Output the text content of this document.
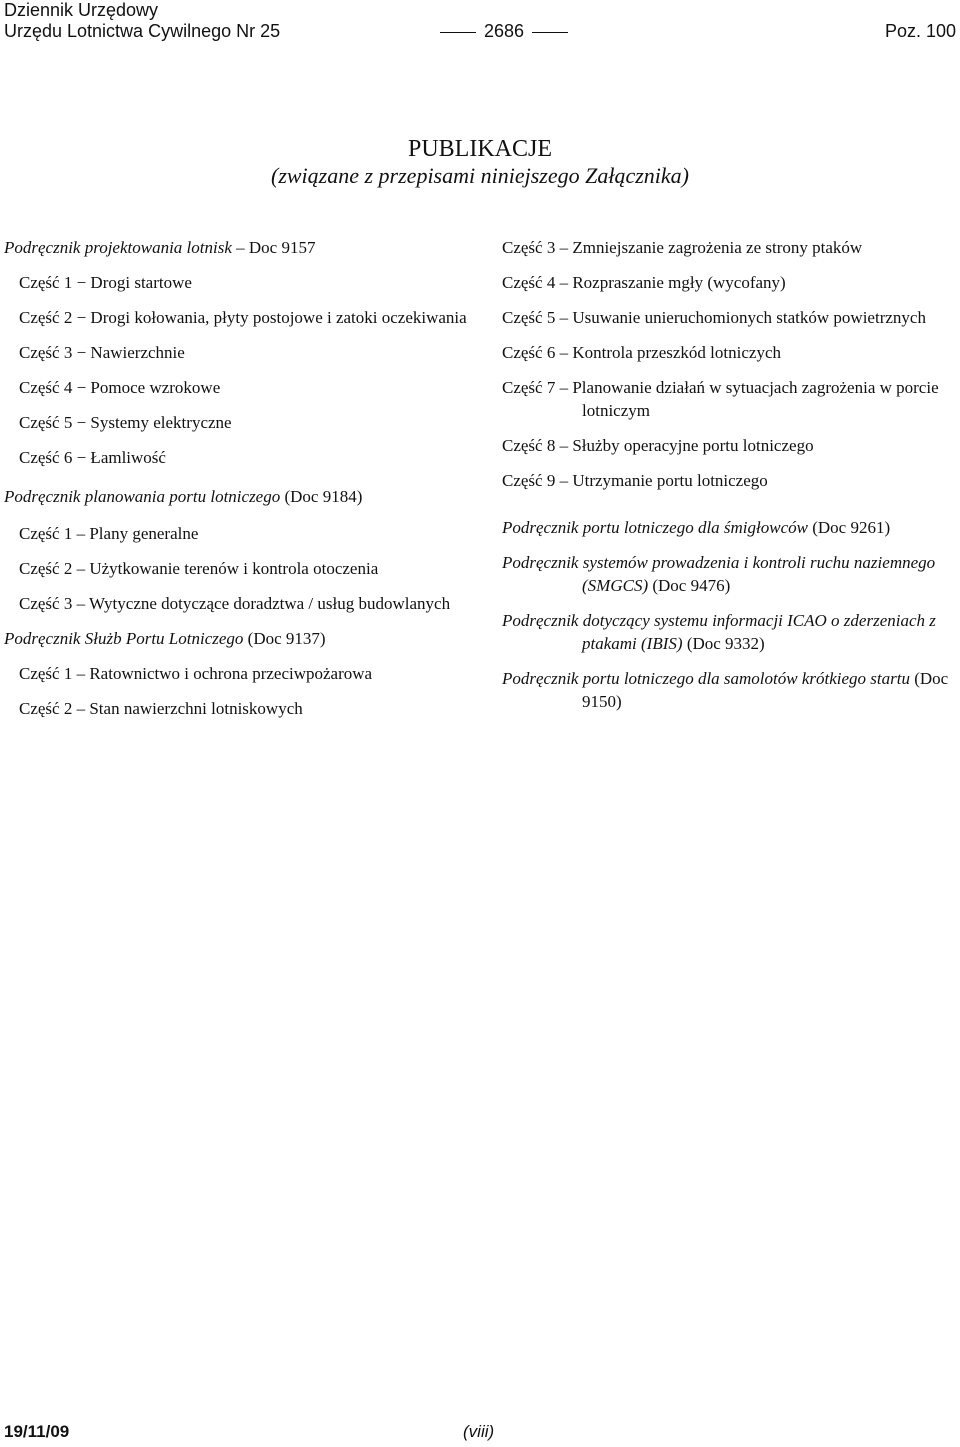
Dziennik Urzędowy
Urzędu Lotnictwa Cywilnego Nr 25	2686	Poz. 100
PUBLIKACJE
(związane z przepisami niniejszego Załącznika)

Podręcznik projektowania lotnisk – Doc 9157

Część 1 − Drogi startowe

Część 2 − Drogi kołowania, płyty postojowe i zatoki oczekiwania

Część 3 − Nawierzchnie

Część 4 − Pomoce wzrokowe

Część 5 − Systemy elektryczne

Część 6 − Łamliwość

Podręcznik planowania portu lotniczego (Doc 9184)

Część 1 – Plany generalne

Część 2 – Użytkowanie terenów i kontrola otoczenia

Część 3 – Wytyczne dotyczące doradztwa / usług budowlanych

Podręcznik Służb Portu Lotniczego (Doc 9137)

Część 1 – Ratownictwo i ochrona przeciwpożarowa

Część 2 – Stan nawierzchni lotniskowych

Część 3 – Zmniejszanie zagrożenia ze strony ptaków

Część 4 – Rozpraszanie mgły (wycofany)

Część 5 – Usuwanie unieruchomionych statków powietrznych

Część 6 – Kontrola przeszkód lotniczych

Część 7 – Planowanie działań w sytuacjach zagrożenia w porcie lotniczym

Część 8 – Służby operacyjne portu lotniczego

Część 9 – Utrzymanie portu lotniczego

Podręcznik portu lotniczego dla śmigłowców (Doc 9261)

Podręcznik systemów prowadzenia i kontroli ruchu naziemnego (SMGCS) (Doc 9476)

Podręcznik dotyczący systemu informacji ICAO o zderzeniach z ptakami (IBIS) (Doc 9332)

Podręcznik portu lotniczego dla samolotów krótkiego startu (Doc 9150)

19/11/09	(viii)
